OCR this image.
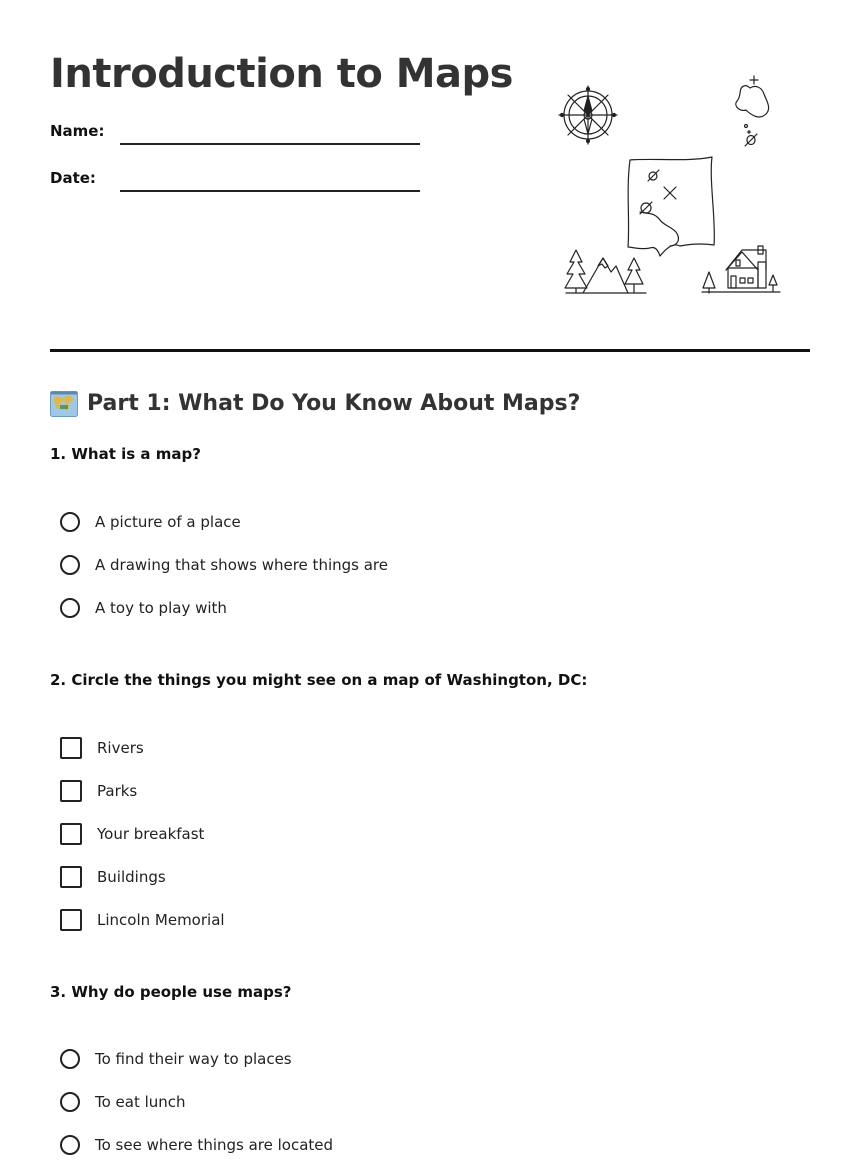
Introduction to Maps
Name:
Date:
Part 1: What Do You Know About Maps?
1. What is a map?
A picture of a place
A drawing that shows where things are
A toy to play with
2. Circle the things you might see on a map of Washington, DC:
Rivers
Parks
Your breakfast
Buildings
Lincoln Memorial
3. Why do people use maps?
To find their way to places
To eat lunch
To see where things are located
